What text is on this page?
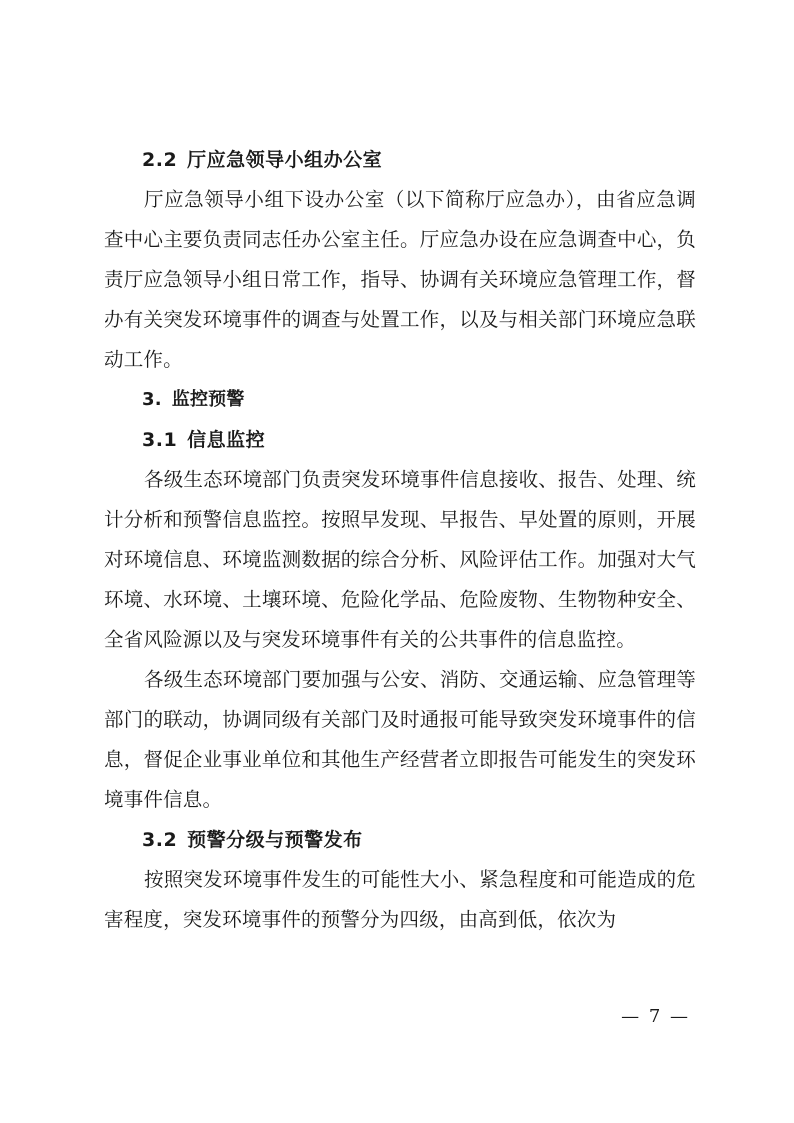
2.2 厅应急领导小组办公室

厅应急领导小组下设办公室（以下简称厅应急办），由省应急调查中心主要负责同志任办公室主任。厅应急办设在应急调查中心，负责厅应急领导小组日常工作，指导、协调有关环境应急管理工作，督办有关突发环境事件的调查与处置工作，以及与相关部门环境应急联动工作。

3. 监控预警

3.1 信息监控

各级生态环境部门负责突发环境事件信息接收、报告、处理、统计分析和预警信息监控。按照早发现、早报告、早处置的原则，开展对环境信息、环境监测数据的综合分析、风险评估工作。加强对大气环境、水环境、土壤环境、危险化学品、危险废物、生物物种安全、全省风险源以及与突发环境事件有关的公共事件的信息监控。

各级生态环境部门要加强与公安、消防、交通运输、应急管理等部门的联动，协调同级有关部门及时通报可能导致突发环境事件的信息，督促企业事业单位和其他生产经营者立即报告可能发生的突发环境事件信息。

3.2 预警分级与预警发布

按照突发环境事件发生的可能性大小、紧急程度和可能造成的危害程度，突发环境事件的预警分为四级，由高到低，依次为

— 7 —
